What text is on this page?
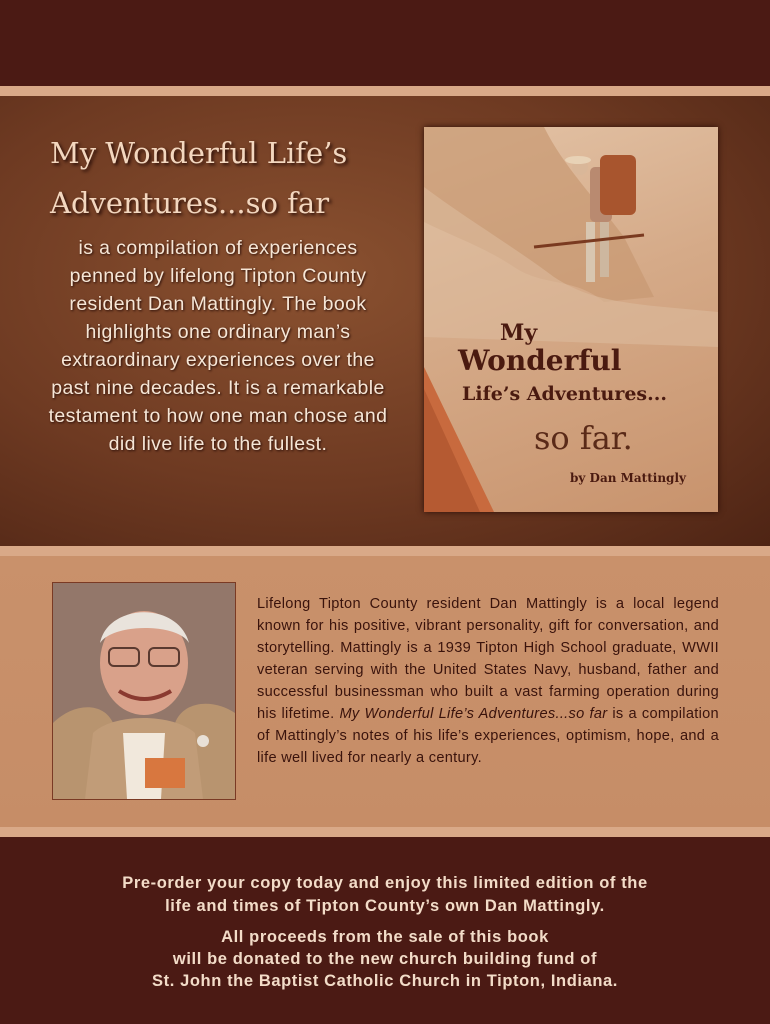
My Wonderful Life’s
Adventures...so far
is a compilation of experiences penned by lifelong Tipton County resident Dan Mattingly. The book highlights one ordinary man’s extraordinary experiences over the past nine decades. It is a remarkable testament to how one man chose and did live life to the fullest.
My
Wonderful
Life’s Adventures...
so far.
by Dan Mattingly
Lifelong Tipton County resident Dan Mattingly is a local legend known for his positive, vibrant personality, gift for conversation, and storytelling. Mattingly is a 1939 Tipton High School graduate, WWII veteran serving with the United States Navy, husband, father and successful businessman who built a vast farming operation during his lifetime. My Wonderful Life’s Adventures...so far is a compilation of Mattingly’s notes of his life’s experiences, optimism, hope, and a life well lived for nearly a century.
Pre-order your copy today and enjoy this limited edition of the
life and times of Tipton County’s own Dan Mattingly.
All proceeds from the sale of this book
will be donated to the new church building fund of
St. John the Baptist Catholic Church in Tipton, Indiana.
